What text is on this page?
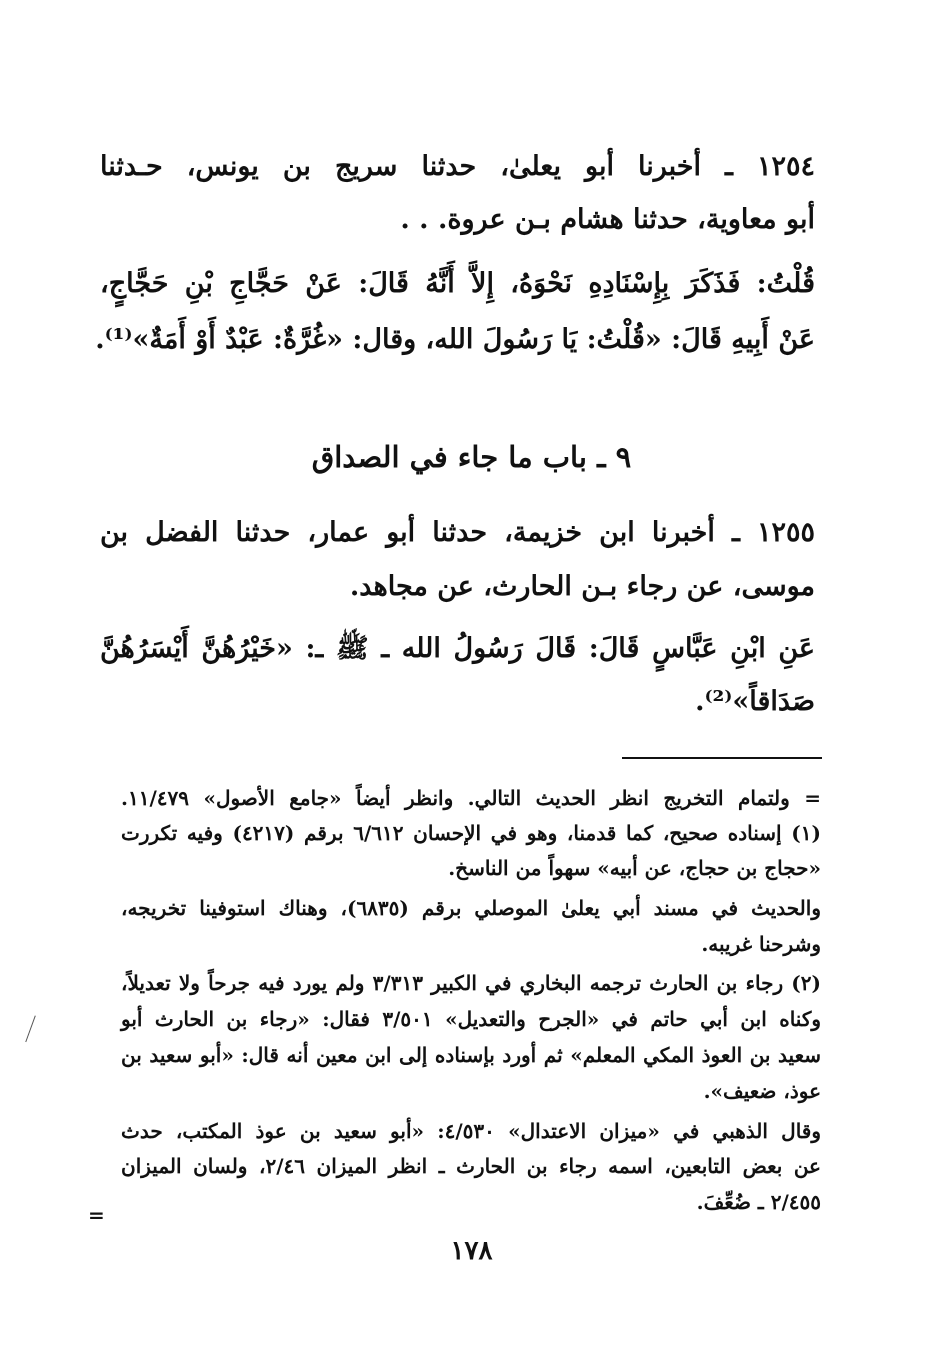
١٢٥٤ ـ أخبرنا أبو يعلىٰ، حدثنا سريج بن يونس، حـدثنا
أبو معاوية، حدثنا هشام بـن عروة. . .
قُلْتُ: فَذَكَرَ بِإِسْنَادِهِ نَحْوَهُ، إِلاَّ أَنَّهُ قَالَ: عَنْ حَجَّاجِ بْنِ حَجَّاجٍ،
عَنْ أَبِيهِ قَالَ: «قُلْتُ: يَا رَسُولَ الله، وقال: «غُرَّةٌ: عَبْدٌ أَوْ أَمَةٌ»⁽¹⁾.
٩ ـ باب ما جاء في الصداق
١٢٥٥ ـ أخبرنا ابن خزيمة، حدثنا أبو عمار، حدثنا الفضل بن
موسى، عن رجاء بـن الحارث، عن مجاهد.
عَنِ ابْنِ عَبَّاسٍ قَالَ: قَالَ رَسُولُ الله ـ ﷺ ـ: «خَيْرُهُنَّ أَيْسَرُهُنَّ
صَدَاقاً»⁽²⁾.
= ولتمام التخريج انظر الحديث التالي. وانظر أيضاً «جامع الأصول» ١١/٤٧٩.
(١) إسناده صحيح، كما قدمنا، وهو في الإحسان ٦/٦١٢ برقم (٤٢١٧) وفيه تكررت
«حجاج بن حجاج، عن أبيه» سهواً من الناسخ.
والحديث في مسند أبي يعلىٰ الموصلي برقم (٦٨٣٥)، وهناك استوفينا تخريجه،
وشرحنا غريبه.
(٢) رجاء بن الحارث ترجمه البخاري في الكبير ٣/٣١٣ ولم يورد فيه جرحاً ولا تعديلاً،
وكناه ابن أبي حاتم في «الجرح والتعديل» ٣/٥٠١ فقال: «رجاء بن الحارث أبو
سعيد بن العوذ المكي المعلم» ثم أورد بإسناده إلى ابن معين أنه قال: «أبو سعيد بن
عوذ، ضعيف».
وقال الذهبي في «ميزان الاعتدال» ٤/٥٣٠: «أبو سعيد بن عوذ المكتب، حدث
عن بعض التابعين، اسمه رجاء بن الحارث ـ انظر الميزان ٢/٤٦، ولسان الميزان
٢/٤٥٥ ـ ضُعِّفَ.
=
١٧٨
